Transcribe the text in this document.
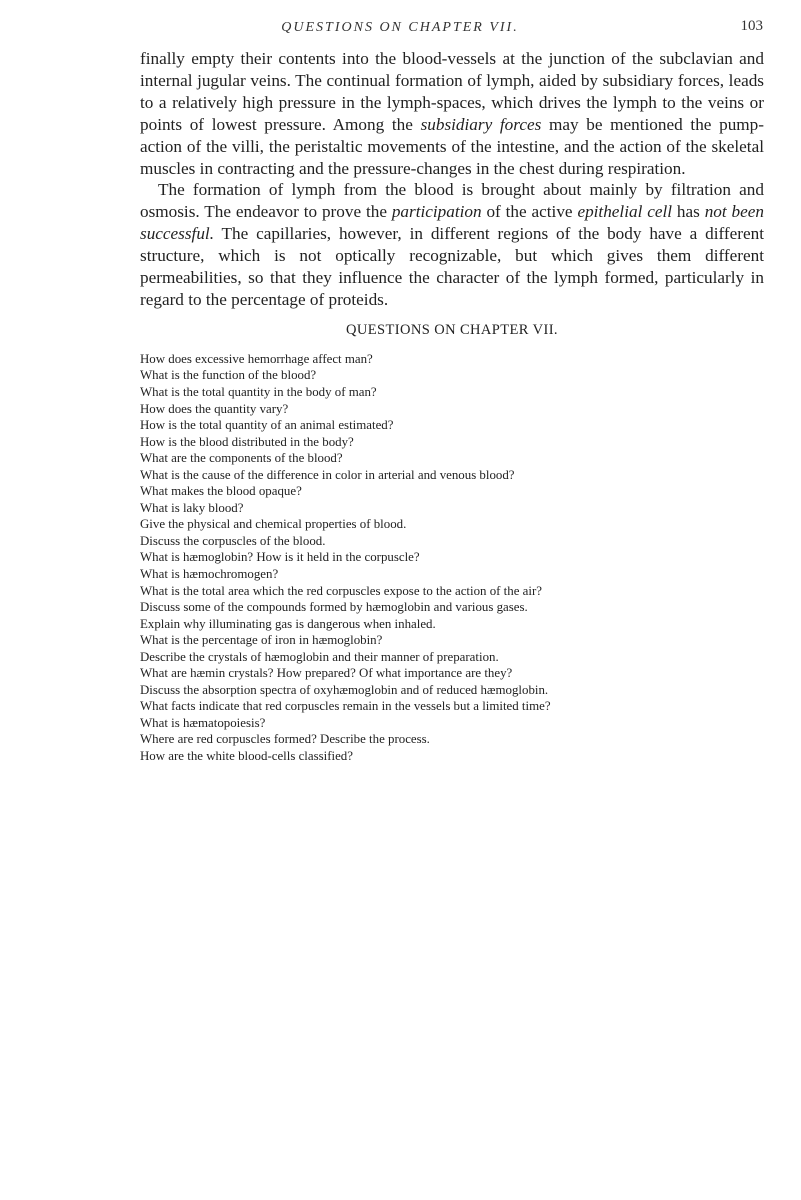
QUESTIONS ON CHAPTER VII.	103

finally empty their contents into the blood-vessels at the junction of the subclavian and internal jugular veins. The continual formation of lymph, aided by subsidiary forces, leads to a relatively high pressure in the lymph-spaces, which drives the lymph to the veins or points of lowest pressure. Among the subsidiary forces may be mentioned the pump-action of the villi, the peristaltic movements of the intestine, and the action of the skeletal muscles in contracting and the pressure-changes in the chest during respiration.

The formation of lymph from the blood is brought about mainly by filtration and osmosis. The endeavor to prove the participation of the active epithelial cell has not been successful. The capillaries, however, in different regions of the body have a different structure, which is not optically recognizable, but which gives them different permeabilities, so that they influence the character of the lymph formed, particularly in regard to the percentage of proteids.

QUESTIONS ON CHAPTER VII.
How does excessive hemorrhage affect man?
What is the function of the blood?
What is the total quantity in the body of man?
How does the quantity vary?
How is the total quantity of an animal estimated?
How is the blood distributed in the body?
What are the components of the blood?
What is the cause of the difference in color in arterial and venous blood?
What makes the blood opaque?
What is laky blood?
Give the physical and chemical properties of blood.
Discuss the corpuscles of the blood.
What is hæmoglobin? How is it held in the corpuscle?
What is hæmochromogen?
What is the total area which the red corpuscles expose to the action of the air?
Discuss some of the compounds formed by hæmoglobin and various gases.
Explain why illuminating gas is dangerous when inhaled.
What is the percentage of iron in hæmoglobin?
Describe the crystals of hæmoglobin and their manner of preparation.
What are hæmin crystals? How prepared? Of what importance are they?
Discuss the absorption spectra of oxyhæmoglobin and of reduced hæmoglobin.
What facts indicate that red corpuscles remain in the vessels but a limited time?
What is hæmatopoiesis?
Where are red corpuscles formed? Describe the process.
How are the white blood-cells classified?
